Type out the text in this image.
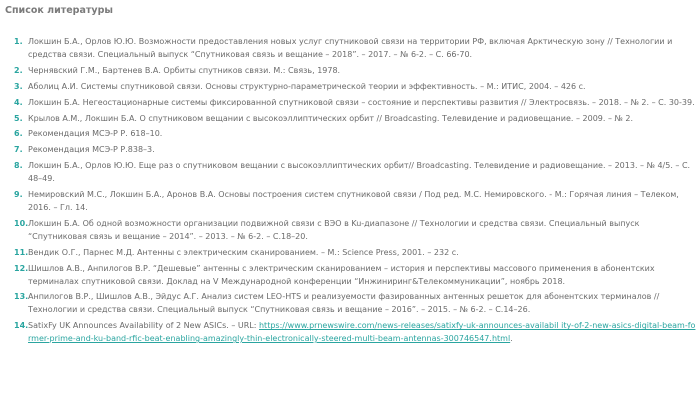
Список литературы
1. Локшин Б.А., Орлов Ю.Ю. Возможности предоставления новых услуг спутниковой связи на территории РФ, включая Арктическую зону // Технологии и средства связи. Специальный выпуск “Спутниковая связь и вещание – 2018”. – 2017. – № 6-2. – С. 66-70.
2. Чернявский Г.М., Бартенев В.А. Орбиты спутников связи. М.: Связь, 1978.
3. Аболиц А.И. Системы спутниковой связи. Основы структурно-параметрической теории и эффективность. – М.: ИТИС, 2004. – 426 с.
4. Локшин Б.А. Негеостационарные системы фиксированной спутниковой связи – состояние и перспективы развития // Электросвязь. – 2018. – № 2. – С. 30-39.
5. Крылов А.М., Локшин Б.А. О спутниковом вещании с высокоэллиптических орбит // Broadcasting. Телевидение и радиовещание. – 2009. – № 2.
6. Рекомендация МСЭ-Р Р. 618–10.
7. Рекомендация МСЭ-Р Р.838–3.
8. Локшин Б.А., Орлов Ю.Ю. Еще раз о спутниковом вещании с высокоэллиптических орбит// Broadcasting. Телевидение и радиовещание. – 2013. – № 4/5. – С. 48–49.
9. Немировский М.С., Локшин Б.А., Аронов В.А. Основы построения систем спутниковой связи / Под ред. М.С. Немировского. - М.: Горячая линия – Телеком, 2016. – Гл. 14.
10. Локшин Б.А. Об одной возможности организации подвижной связи с ВЭО в Ku-диапазоне // Технологии и средства связи. Специальный выпуск “Спутниковая связь и вещание – 2014”. – 2013. – № 6-2. – С.18–20.
11. Вендик О.Г., Парнес М.Д. Антенны с электрическим сканированием. – М.: Science Press, 2001. – 232 с.
12. Шишлов А.В., Анпилогов В.Р. “Дешевые” антенны с электрическим сканированием – история и перспективы массового применения в абонентских терминалах спутниковой связи. Доклад на V Международной конференции “Инжиниринг&Телекоммуникации”, ноябрь 2018.
13. Анпилогов В.Р., Шишлов А.В., Эйдус А.Г. Анализ систем LEO-HTS и реализуемости фазированных антенных решеток для абонентских терминалов // Технологии и средства связи. Специальный выпуск “Спутниковая связь и вещание – 2016”. – 2015. – № 6-2. – С.14–26.
14. SatixFy UK Announces Availability of 2 New ASICs. – URL: https://www.prnewswire.com/news-releases/satixfy-uk-announces-availabil ity-of-2-new-asics-digital-beam-former-prime-and-ku-band-rfic-beat-enabling-amazingly-thin-electronically-steered-multi-beam-antennas-300746547.html.
